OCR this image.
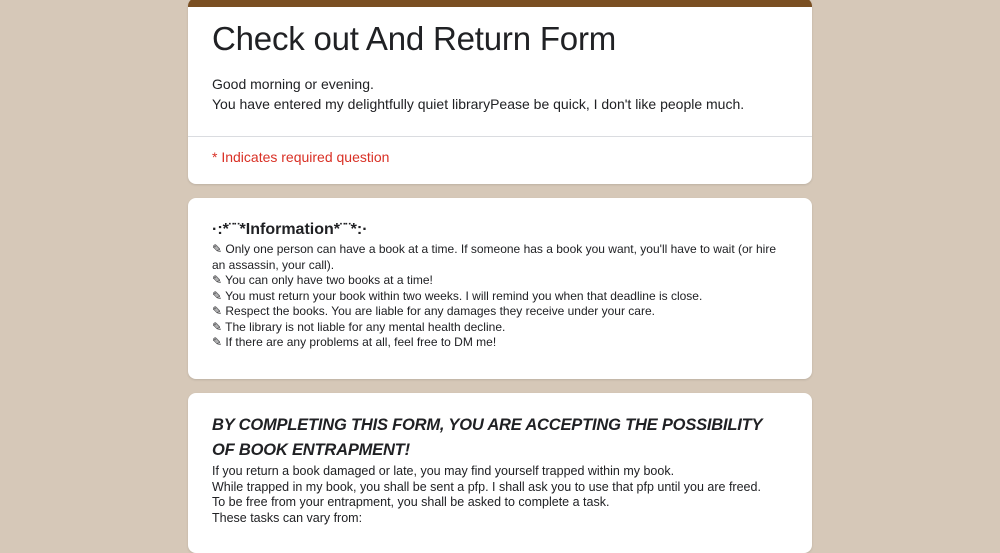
Check out And Return Form
Good morning or evening.
You have entered my delightfully quiet libraryPease be quick, I don't like people much.
* Indicates required question
·:*¨¨*Information*¨¨*:·
✎ Only one person can have a book at a time. If someone has a book you want, you'll have to wait (or hire an assassin, your call).
✎ You can only have two books at a time!
✎ You must return your book within two weeks. I will remind you when that deadline is close.
✎ Respect the books. You are liable for any damages they receive under your care.
✎ The library is not liable for any mental health decline.
✎ If there are any problems at all, feel free to DM me!
BY COMPLETING THIS FORM, YOU ARE ACCEPTING THE POSSIBILITY OF BOOK ENTRAPMENT!
If you return a book damaged or late, you may find yourself trapped within my book.
While trapped in my book, you shall be sent a pfp. I shall ask you to use that pfp until you are freed.
To be free from your entrapment, you shall be asked to complete a task.
These tasks can vary from:
